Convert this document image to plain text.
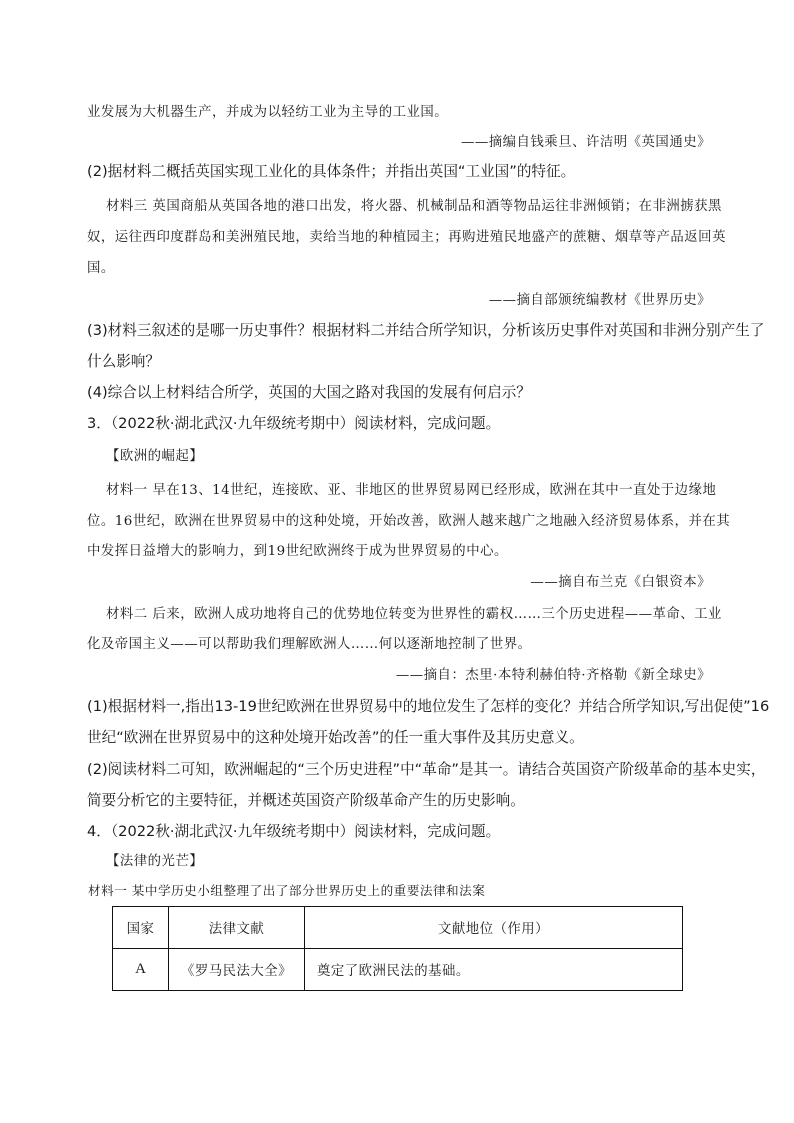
业发展为大机器生产，并成为以轻纺工业为主导的工业国。
——摘编自钱乘旦、许洁明《英国通史》
(2)据材料二概括英国实现工业化的具体条件；并指出英国“工业国”的特征。
材料三 英国商船从英国各地的港口出发，将火器、机械制品和酒等物品运往非洲倾销；在非洲掳获黑
奴，运往西印度群岛和美洲殖民地，卖给当地的种植园主；再购进殖民地盛产的蔗糖、烟草等产品返回英
国。
——摘自部颁统编教材《世界历史》
(3)材料三叙述的是哪一历史事件？根据材料二并结合所学知识，分析该历史事件对英国和非洲分别产生了
什么影响？
(4)综合以上材料结合所学，英国的大国之路对我国的发展有何启示？
3．（2022秋·湖北武汉·九年级统考期中）阅读材料，完成问题。
【欧洲的崛起】
材料一 早在13、14世纪，连接欧、亚、非地区的世界贸易网已经形成，欧洲在其中一直处于边缘地
位。16世纪，欧洲在世界贸易中的这种处境，开始改善，欧洲人越来越广之地融入经济贸易体系，并在其
中发挥日益增大的影响力，到19世纪欧洲终于成为世界贸易的中心。
——摘自布兰克《白银资本》
材料二 后来，欧洲人成功地将自己的优势地位转变为世界性的霸权……三个历史进程——革命、工业
化及帝国主义——可以帮助我们理解欧洲人……何以逐渐地控制了世界。
——摘自：杰里·本特利赫伯特·齐格勒《新全球史》
(1)根据材料一,指出13-19世纪欧洲在世界贸易中的地位发生了怎样的变化？并结合所学知识,写出促使”16
世纪“欧洲在世界贸易中的这种处境开始改善”的任一重大事件及其历史意义。
(2)阅读材料二可知，欧洲崛起的“三个历史进程”中“革命”是其一。请结合英国资产阶级革命的基本史实，
简要分析它的主要特征，并概述英国资产阶级革命产生的历史影响。
4．（2022秋·湖北武汉·九年级统考期中）阅读材料，完成问题。
【法律的光芒】
材料一 某中学历史小组整理了出了部分世界历史上的重要法律和法案
国家	法律文献	文献地位（作用）
A	《罗马民法大全》	奠定了欧洲民法的基础。
